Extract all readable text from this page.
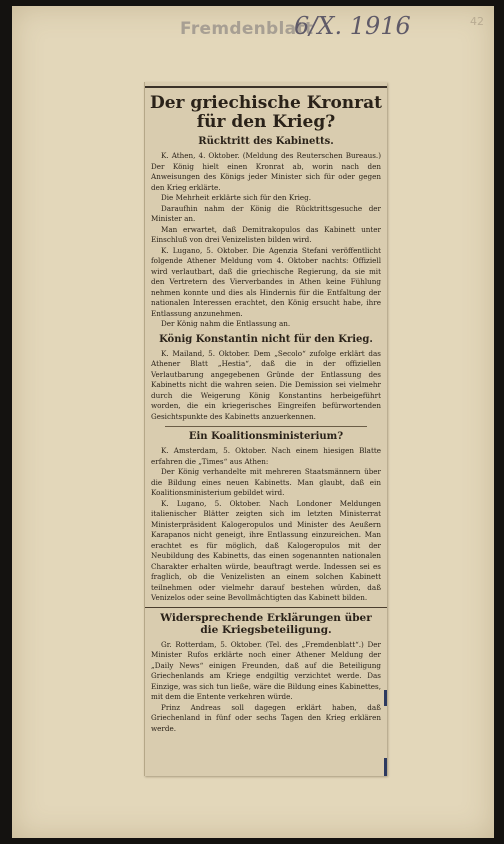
Fremdenblatt
6/X. 1916	42
Der griechische Kronrat für den Krieg?
Rücktritt des Kabinetts.
K. Athen, 4. Oktober. (Meldung des Reuterschen Bureaus.) Der König hielt einen Kronrat ab, worin nach den Anweisungen des Königs jeder Minister sich für oder gegen den Krieg erklärte.
Die Mehrheit erklärte sich für den Krieg.
Daraufhin nahm der König die Rücktrittsgesuche der Minister an.
Man erwartet, daß Demitrakopulos das Kabinett unter Einschluß von drei Venizelisten bilden wird.
K. Lugano, 5. Oktober. Die Agenzia Stefani veröffentlicht folgende Athener Meldung vom 4. Oktober nachts: Offiziell wird verlautbart, daß die griechische Regierung, da sie mit den Vertretern des Vierverbandes in Athen keine Fühlung nehmen konnte und dies als Hindernis für die Entfaltung der nationalen Interessen erachtet, den König ersucht habe, ihre Entlassung anzunehmen.
Der König nahm die Entlassung an.
König Konstantin nicht für den Krieg.
K. Mailand, 5. Oktober. Dem „Secolo“ zufolge erklärt das Athener Blatt „Hestia“, daß die in der offiziellen Verlautbarung angegebenen Gründe der Entlassung des Kabinetts nicht die wahren seien. Die Demission sei vielmehr durch die Weigerung König Konstantins herbeigeführt worden, die ein kriegerisches Eingreifen befürwortenden Gesichtspunkte des Kabinetts anzuerkennen.
Ein Koalitionsministerium?
K. Amsterdam, 5. Oktober. Nach einem hiesigen Blatte erfahren die „Times“ aus Athen:
Der König verhandelte mit mehreren Staatsmännern über die Bildung eines neuen Kabinetts. Man glaubt, daß ein Koalitionsministerium gebildet wird.
K. Lugano, 5. Oktober. Nach Londoner Meldungen italienischer Blätter zeigten sich im letzten Ministerrat Ministerpräsident Kalogeropulos und Minister des Aeußern Karapanos nicht geneigt, ihre Entlassung einzureichen. Man erachtet es für möglich, daß Kalogeropulos mit der Neubildung des Kabinetts, das einen sogenannten nationalen Charakter erhalten würde, beauftragt werde. Indessen sei es fraglich, ob die Venizelisten an einem solchen Kabinett teilnehmen oder vielmehr darauf bestehen würden, daß Venizelos oder seine Bevollmächtigten das Kabinett bilden.
Widersprechende Erklärungen über die Kriegsbeteiligung.
Gr. Rotterdam, 5. Oktober. (Tel. des „Fremdenblatt“.) Der Minister Rufos erklärte noch einer Athener Meldung der „Daily News“ einigen Freunden, daß auf die Beteiligung Griechenlands am Kriege endgiltig verzichtet werde. Das Einzige, was sich tun ließe, wäre die Bildung eines Kabinettes, mit dem die Entente verkehren würde.
Prinz Andreas soll dagegen erklärt haben, daß Griechenland in fünf oder sechs Tagen den Krieg erklären werde.
